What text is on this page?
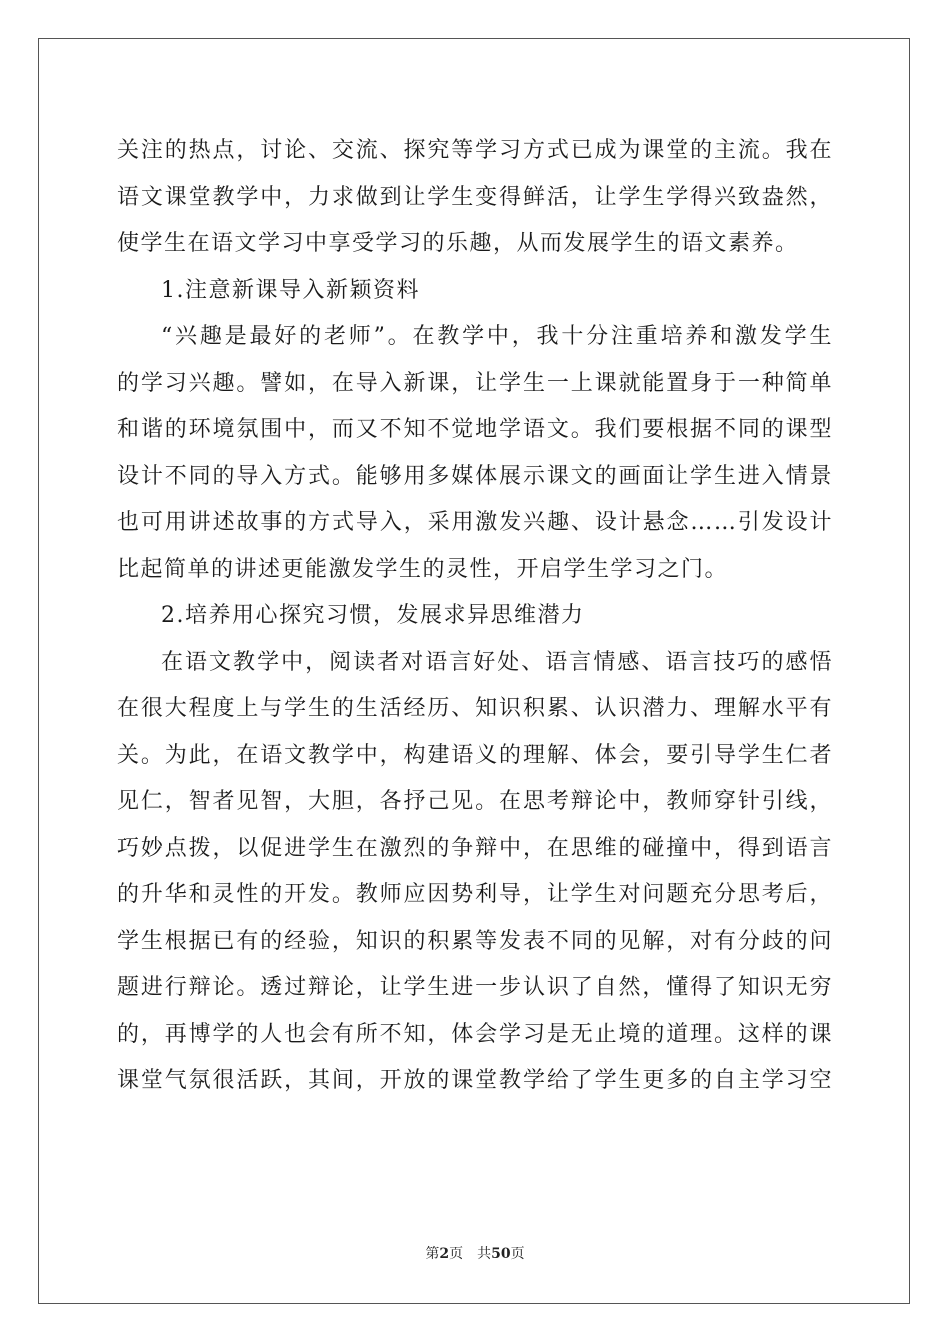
关注的热点，讨论、交流、探究等学习方式已成为课堂的主流。我在
语文课堂教学中，力求做到让学生变得鲜活，让学生学得兴致盎然，
使学生在语文学习中享受学习的乐趣，从而发展学生的语文素养。
1.注意新课导入新颖资料
“兴趣是最好的老师”。在教学中，我十分注重培养和激发学生
的学习兴趣。譬如，在导入新课，让学生一上课就能置身于一种简单
和谐的环境氛围中，而又不知不觉地学语文。我们要根据不同的课型
设计不同的导入方式。能够用多媒体展示课文的画面让学生进入情景
也可用讲述故事的方式导入，采用激发兴趣、设计悬念……引发设计
比起简单的讲述更能激发学生的灵性，开启学生学习之门。
2.培养用心探究习惯，发展求异思维潜力
在语文教学中，阅读者对语言好处、语言情感、语言技巧的感悟
在很大程度上与学生的生活经历、知识积累、认识潜力、理解水平有
关。为此，在语文教学中，构建语义的理解、体会，要引导学生仁者
见仁，智者见智，大胆，各抒己见。在思考辩论中，教师穿针引线，
巧妙点拨，以促进学生在激烈的争辩中，在思维的碰撞中，得到语言
的升华和灵性的开发。教师应因势利导，让学生对问题充分思考后，
学生根据已有的经验，知识的积累等发表不同的见解，对有分歧的问
题进行辩论。透过辩论，让学生进一步认识了自然，懂得了知识无穷
的，再博学的人也会有所不知，体会学习是无止境的道理。这样的课
课堂气氛很活跃，其间，开放的课堂教学给了学生更多的自主学习空
第2页 共50页
